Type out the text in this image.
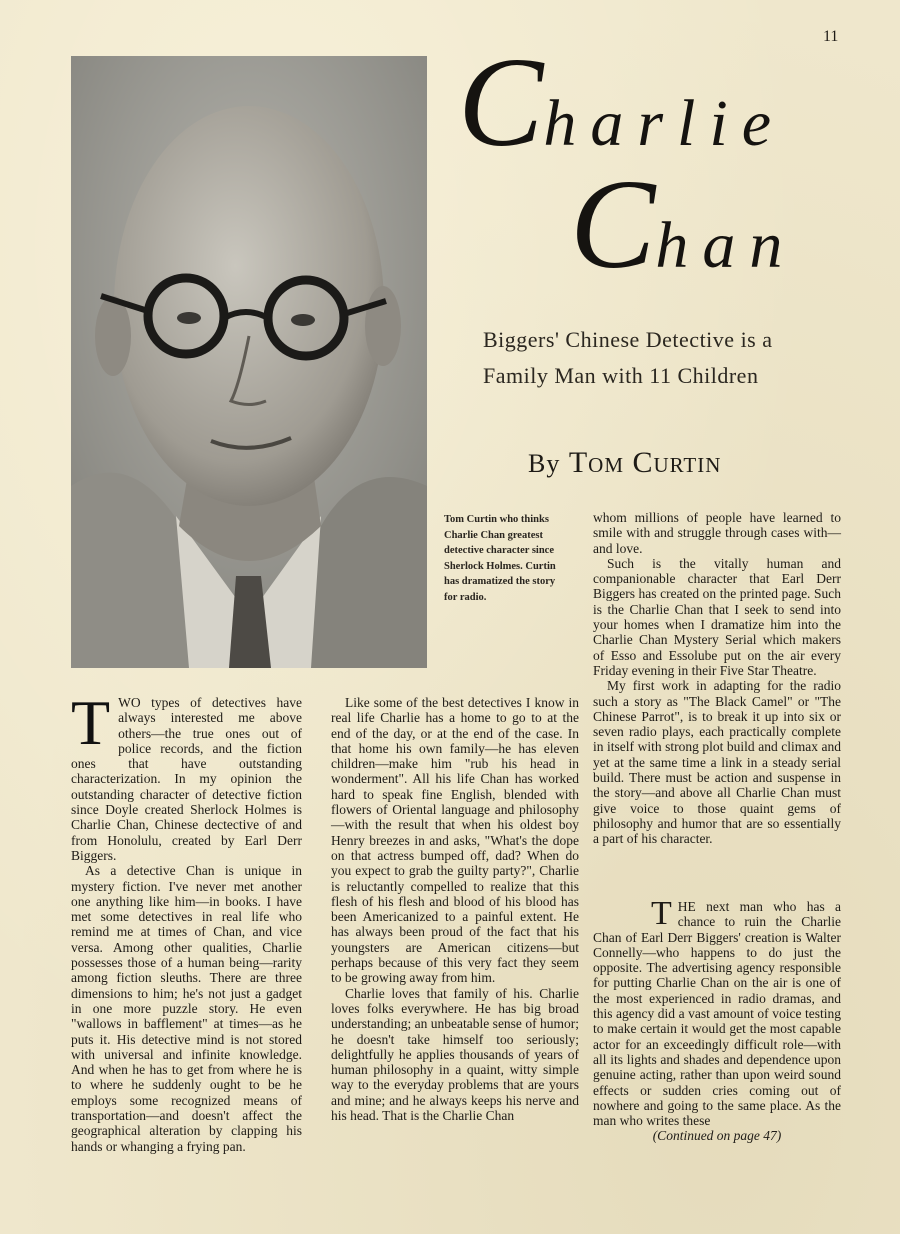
11
Charlie
Chan
Biggers' Chinese Detective is a
Family Man with 11 Children
By Tom Curtin
Tom Curtin who thinks Charlie Chan greatest detective character since Sherlock Holmes. Curtin has dramatized the story for radio.

TWO types of detectives have always interested me above others—the true ones out of police records, and the fiction ones that have outstanding characterization. In my opinion the outstanding character of detective fiction since Doyle created Sherlock Holmes is Charlie Chan, Chinese dectective of and from Honolulu, created by Earl Derr Biggers.

As a detective Chan is unique in mystery fiction. I've never met another one anything like him—in books. I have met some detectives in real life who remind me at times of Chan, and vice versa. Among other qualities, Charlie possesses those of a human being—rarity among fiction sleuths. There are three dimensions to him; he's not just a gadget in one more puzzle story. He even "wallows in bafflement" at times—as he puts it. His detective mind is not stored with universal and infinite knowledge. And when he has to get from where he is to where he suddenly ought to be he employs some recognized means of transportation—and doesn't affect the geographical alteration by clapping his hands or whanging a frying pan.

Like some of the best detectives I know in real life Charlie has a home to go to at the end of the day, or at the end of the case. In that home his own family—he has eleven children—make him "rub his head in wonderment". All his life Chan has worked hard to speak fine English, blended with flowers of Oriental language and philosophy—with the result that when his oldest boy Henry breezes in and asks, "What's the dope on that actress bumped off, dad? When do you expect to grab the guilty party?", Charlie is reluctantly compelled to realize that this flesh of his flesh and blood of his blood has been Americanized to a painful extent. He has always been proud of the fact that his youngsters are American citizens—but perhaps because of this very fact they seem to be growing away from him.

Charlie loves that family of his. Charlie loves folks everywhere. He has big broad understanding; an unbeatable sense of humor; he doesn't take himself too seriously; delightfully he applies thousands of years of human philosophy in a quaint, witty simple way to the everyday problems that are yours and mine; and he always keeps his nerve and his head. That is the Charlie Chan

whom millions of people have learned to smile with and struggle through cases with—and love.

Such is the vitally human and companionable character that Earl Derr Biggers has created on the printed page. Such is the Charlie Chan that I seek to send into your homes when I dramatize him into the Charlie Chan Mystery Serial which makers of Esso and Essolube put on the air every Friday evening in their Five Star Theatre.

My first work in adapting for the radio such a story as "The Black Camel" or "The Chinese Parrot", is to break it up into six or seven radio plays, each practically complete in itself with strong plot build and climax and yet at the same time a link in a steady serial build. There must be action and suspense in the story—and above all Charlie Chan must give voice to those quaint gems of philosophy and humor that are so essentially a part of his character.

THE next man who has a chance to ruin the Charlie Chan of Earl Derr Biggers' creation is Walter Connelly—who happens to do just the opposite. The advertising agency responsible for putting Charlie Chan on the air is one of the most experienced in radio dramas, and this agency did a vast amount of voice testing to make certain it would get the most capable actor for an exceedingly difficult role—with all its lights and shades and dependence upon genuine acting, rather than upon weird sound effects or sudden cries coming out of nowhere and going to the same place. As the man who writes these

(Continued on page 47)
